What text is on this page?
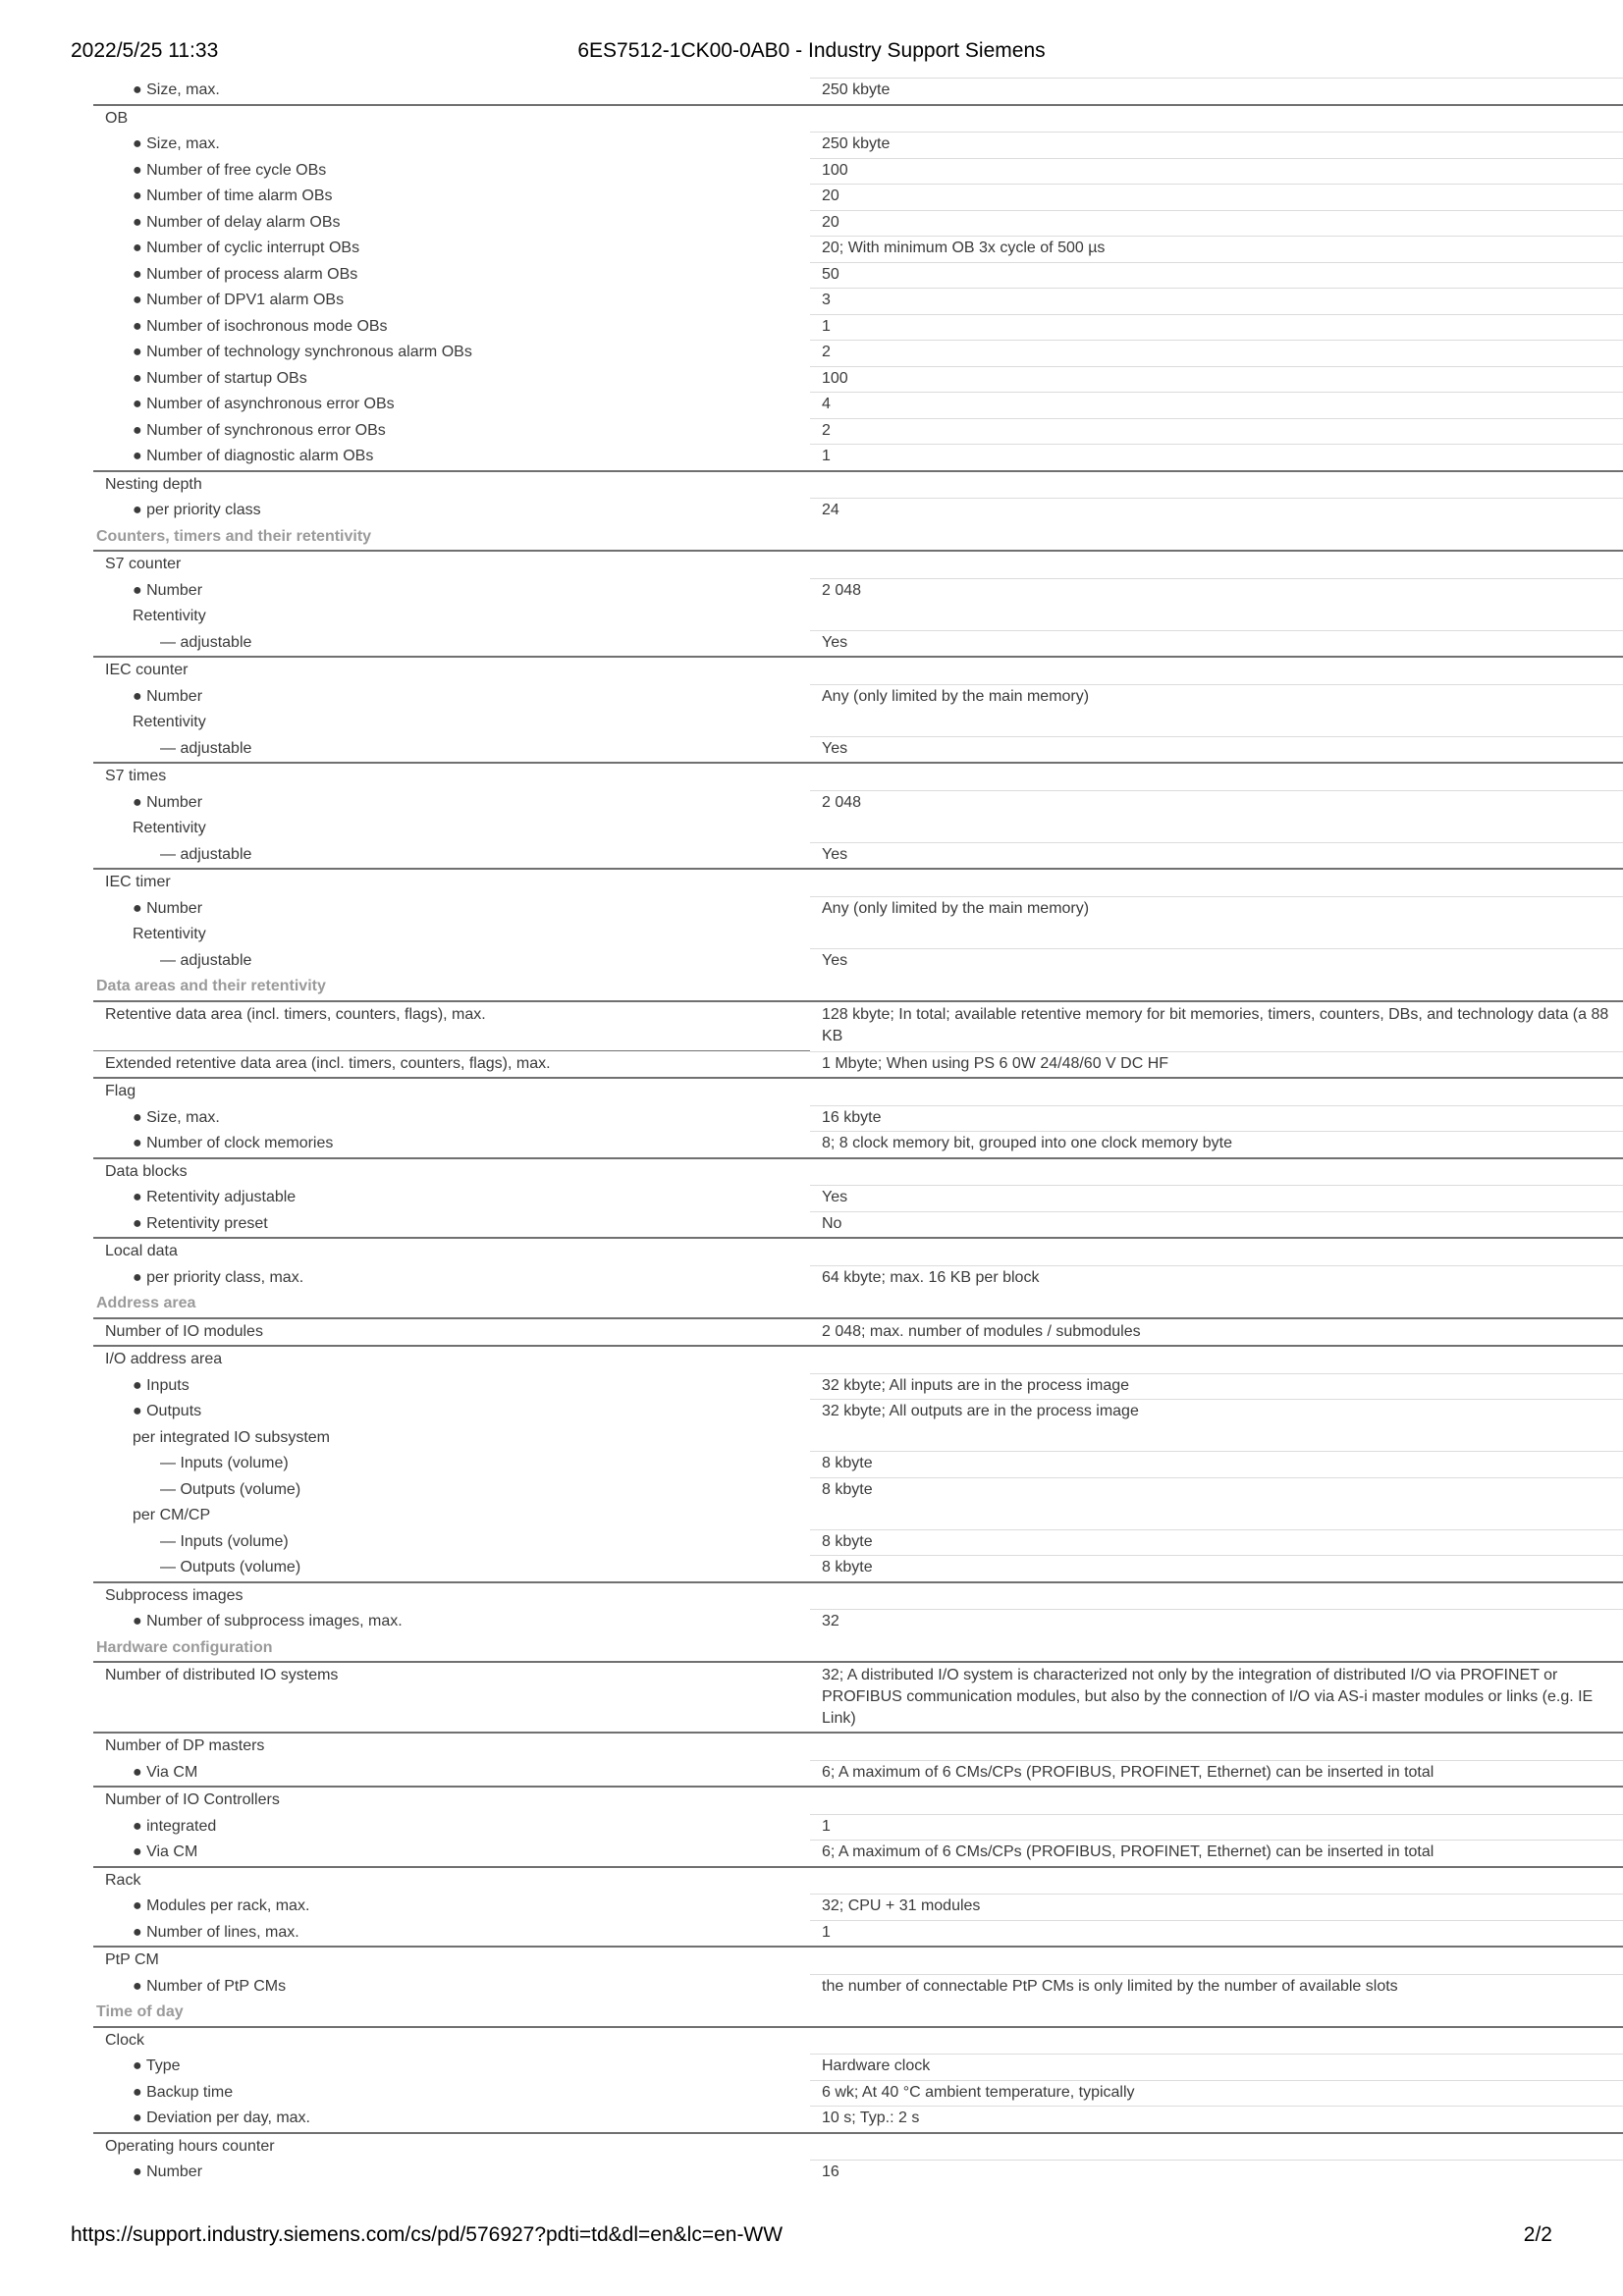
2022/5/25 11:33	6ES7512-1CK00-0AB0 - Industry Support Siemens
● Size, max.	250 kbyte
OB
● Size, max.	250 kbyte
● Number of free cycle OBs	100
● Number of time alarm OBs	20
● Number of delay alarm OBs	20
● Number of cyclic interrupt OBs	20; With minimum OB 3x cycle of 500 µs
● Number of process alarm OBs	50
● Number of DPV1 alarm OBs	3
● Number of isochronous mode OBs	1
● Number of technology synchronous alarm OBs	2
● Number of startup OBs	100
● Number of asynchronous error OBs	4
● Number of synchronous error OBs	2
● Number of diagnostic alarm OBs	1
Nesting depth
● per priority class	24
Counters, timers and their retentivity
S7 counter
● Number	2 048
Retentivity
— adjustable	Yes
IEC counter
● Number	Any (only limited by the main memory)
Retentivity
— adjustable	Yes
S7 times
● Number	2 048
Retentivity
— adjustable	Yes
IEC timer
● Number	Any (only limited by the main memory)
Retentivity
— adjustable	Yes
Data areas and their retentivity
Retentive data area (incl. timers, counters, flags), max.	128 kbyte; In total; available retentive memory for bit memories, timers, counters, DBs, and technology data (a 88 KB
Extended retentive data area (incl. timers, counters, flags), max.	1 Mbyte; When using PS 6 0W 24/48/60 V DC HF
Flag
● Size, max.	16 kbyte
● Number of clock memories	8; 8 clock memory bit, grouped into one clock memory byte
Data blocks
● Retentivity adjustable	Yes
● Retentivity preset	No
Local data
● per priority class, max.	64 kbyte; max. 16 KB per block
Address area
Number of IO modules	2 048; max. number of modules / submodules
I/O address area
● Inputs	32 kbyte; All inputs are in the process image
● Outputs	32 kbyte; All outputs are in the process image
per integrated IO subsystem
— Inputs (volume)	8 kbyte
— Outputs (volume)	8 kbyte
per CM/CP
— Inputs (volume)	8 kbyte
— Outputs (volume)	8 kbyte
Subprocess images
● Number of subprocess images, max.	32
Hardware configuration
Number of distributed IO systems	32; A distributed I/O system is characterized not only by the integration of distributed I/O via PROFINET or PROFIBUS communication modules, but also by the connection of I/O via AS-i master modules or links (e.g. IE Link)
Number of DP masters
● Via CM	6; A maximum of 6 CMs/CPs (PROFIBUS, PROFINET, Ethernet) can be inserted in total
Number of IO Controllers
● integrated	1
● Via CM	6; A maximum of 6 CMs/CPs (PROFIBUS, PROFINET, Ethernet) can be inserted in total
Rack
● Modules per rack, max.	32; CPU + 31 modules
● Number of lines, max.	1
PtP CM
● Number of PtP CMs	the number of connectable PtP CMs is only limited by the number of available slots
Time of day
Clock
● Type	Hardware clock
● Backup time	6 wk; At 40 °C ambient temperature, typically
● Deviation per day, max.	10 s; Typ.: 2 s
Operating hours counter
● Number	16
https://support.industry.siemens.com/cs/pd/576927?pdti=td&dl=en&lc=en-WW	2/2
